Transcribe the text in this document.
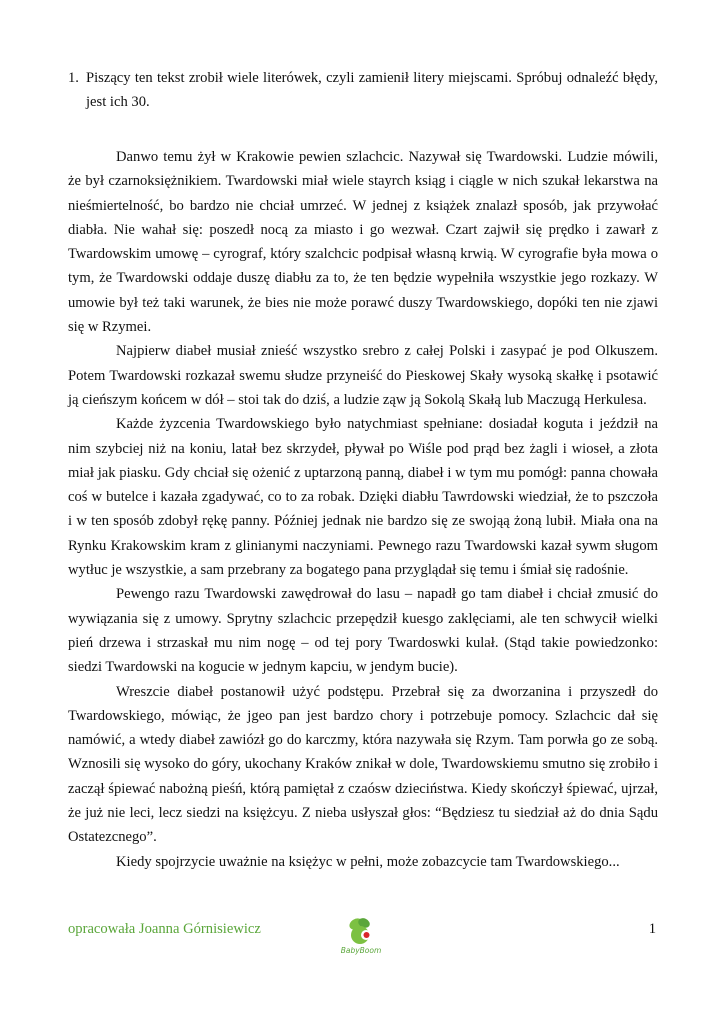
1. Piszący ten tekst zrobił wiele literówek, czyli zamienił litery miejscami. Spróbuj odnaleźć błędy, jest ich 30.

Danwo temu żył w Krakowie pewien szlachcic. Nazywał się Twardowski. Ludzie mówili, że był czarnoksiężnikiem. Twardowski miał wiele stayrch ksiąg i ciągle w nich szukał lekarstwa na nieśmiertelność, bo bardzo nie chciał umrzeć. W jednej z książek znalazł sposób, jak przywołać diabła. Nie wahał się: poszedł nocą za miasto i go wezwał. Czart zajwił się prędko i zawarł z Twardowskim umowę – cyrograf, który szalchcic podpisał własną krwią. W cyrografie była mowa o tym, że Twardowski oddaje duszę diabłu za to, że ten będzie wypełniła wszystkie jego rozkazy. W umowie był też taki warunek, że bies nie może porawć duszy Twardowskiego, dopóki ten nie zjawi się w Rzymei.

Najpierw diabeł musiał znieść wszystko srebro z całej Polski i zasypać je pod Olkuszem. Potem Twardowski rozkazał swemu słudze przyneiść do Pieskowej Skały wysoką skałkę i psotawić ją cieńszym końcem w dół – stoi tak do dziś, a ludzie ząw ją Sokolą Skałą lub Maczugą Herkulesa.

Każde żyzcenia Twardowskiego było natychmiast spełniane: dosiadał koguta i jeździł na nim szybciej niż na koniu, latał bez skrzydeł, pływał po Wiśle pod prąd bez żagli i wioseł, a złota miał jak piasku. Gdy chciał się ożenić z uptarzoną panną, diabeł i w tym mu pomógł: panna chowała coś w butelce i kazała zgadywać, co to za robak. Dzięki diabłu Tawrdowski wiedział, że to pszczoła i w ten sposób zdobył rękę panny. Później jednak nie bardzo się ze swojąą żoną lubił. Miała ona na Rynku Krakowskim kram z glinianymi naczyniami. Pewnego razu Twardowski kazał sywm sługom wytłuc je wszystkie, a sam przebrany za bogatego pana przyglądał się temu i śmiał się radośnie.

Pewengo razu Twardowski zawędrował do lasu – napadł go tam diabeł i chciał zmusić do wywiązania się z umowy. Sprytny szlachcic przepędził kuesgo zaklęciami, ale ten schwycił wielki pień drzewa i strzaskał mu nim nogę – od tej pory Twardoswki kulał. (Stąd takie powiedzonko: siedzi Twardowski na kogucie w jednym kapciu, w jendym bucie).

Wreszcie diabeł postanowił użyć podstępu. Przebrał się za dworzanina i przyszedł do Twardowskiego, mówiąc, że jgeo pan jest bardzo chory i potrzebuje pomocy. Szlachcic dał się namówić, a wtedy diabeł zawiózł go do karczmy, która nazywała się Rzym. Tam porwła go ze sobą. Wznosili się wysoko do góry, ukochany Kraków znikał w dole, Twardowskiemu smutno się zrobiło i zaczął śpiewać nabożną pieśń, którą pamiętał z czaósw dzieciństwa. Kiedy skończył śpiewać, ujrzał, że już nie leci, lecz siedzi na księżcyu. Z nieba usłyszał głos: “Będziesz tu siedział aż do dnia Sądu Ostatezcnego”.

Kiedy spojrzycie uważnie na księżyc w pełni, może zobazcycie tam Twardowskiego...

opracowała Joanna Górnisiewicz
BabyBoom
1
